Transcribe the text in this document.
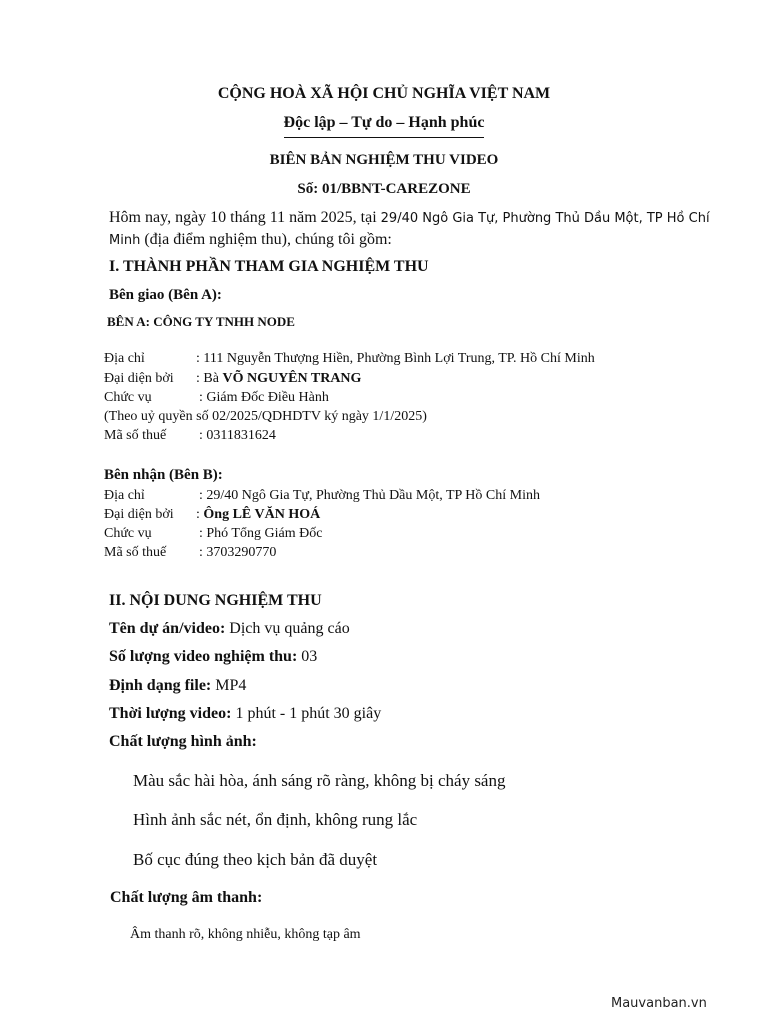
CỘNG HOÀ XÃ HỘI CHỦ NGHĨA VIỆT NAM
Độc lập – Tự do – Hạnh phúc
BIÊN BẢN NGHIỆM THU VIDEO
Số: 01/BBNT-CAREZONE
Hôm nay, ngày 10 tháng 11 năm 2025, tại 29/40 Ngô Gia Tự, Phường Thủ Dầu Một, TP Hồ Chí
Minh (địa điểm nghiệm thu), chúng tôi gồm:
I. THÀNH PHẦN THAM GIA NGHIỆM THU
Bên giao (Bên A):
BÊN A: CÔNG TY TNHH NODE
Địa chỉ	: 111 Nguyễn Thượng Hiền, Phường Bình Lợi Trung, TP. Hồ Chí Minh
Đại diện bởi : Bà VÕ NGUYÊN TRANG
Chức vụ	: Giám Đốc Điều Hành
(Theo uỷ quyền số 02/2025/QDHDTV ký ngày 1/1/2025)
Mã số thuế : 0311831624
Bên nhận (Bên B):
Địa chỉ	: 29/40 Ngô Gia Tự, Phường Thủ Dầu Một, TP Hồ Chí Minh
Đại diện bởi : Ông LÊ VĂN HOÁ
Chức vụ	: Phó Tổng Giám Đốc
Mã số thuế : 3703290770
II. NỘI DUNG NGHIỆM THU
Tên dự án/video: Dịch vụ quảng cáo
Số lượng video nghiệm thu: 03
Định dạng file: MP4
Thời lượng video: 1 phút - 1 phút 30 giây
Chất lượng hình ảnh:
Màu sắc hài hòa, ánh sáng rõ ràng, không bị cháy sáng
Hình ảnh sắc nét, ổn định, không rung lắc
Bố cục đúng theo kịch bản đã duyệt
Chất lượng âm thanh:
Âm thanh rõ, không nhiễu, không tạp âm
Mauvanban.vn
